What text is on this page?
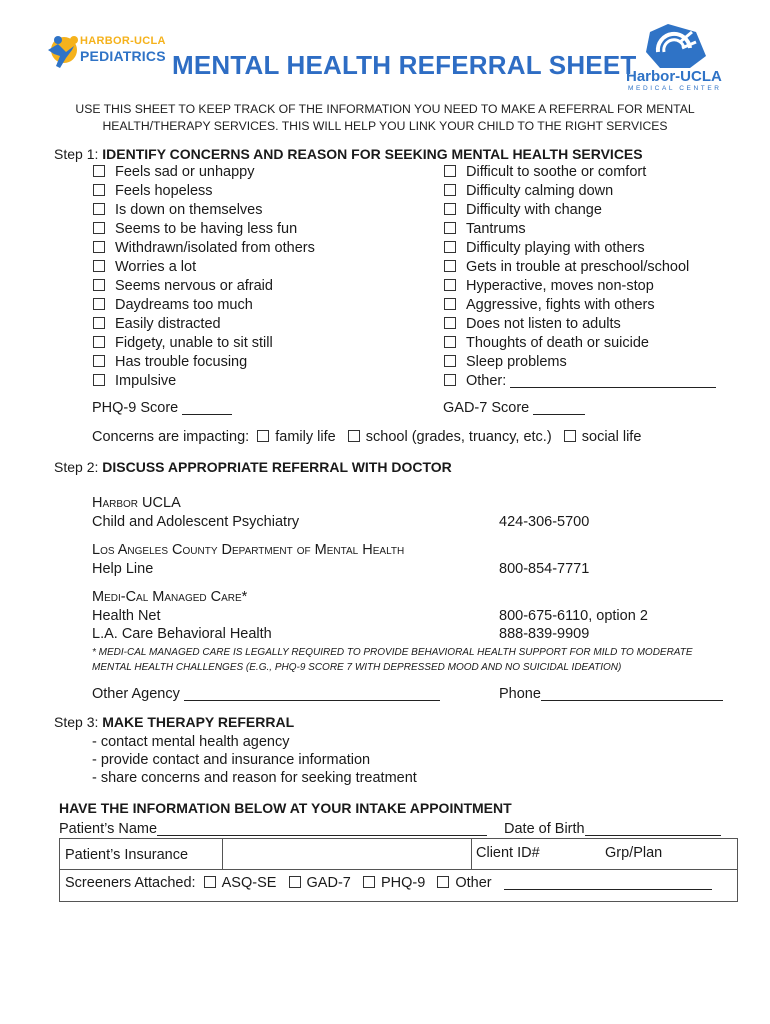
HARBOR-UCLA
PEDIATRICS MENTAL HEALTH REFERRAL SHEET
Harbor-UCLA
MEDICAL CENTER
USE THIS SHEET TO KEEP TRACK OF THE INFORMATION YOU NEED TO MAKE A REFERRAL FOR MENTAL
HEALTH/THERAPY SERVICES. THIS WILL HELP YOU LINK YOUR CHILD TO THE RIGHT SERVICES
Step 1: IDENTIFY CONCERNS AND REASON FOR SEEKING MENTAL HEALTH SERVICES
Feels sad or unhappy
Feels hopeless
Is down on themselves
Seems to be having less fun
Withdrawn/isolated from others
Worries a lot
Seems nervous or afraid
Daydreams too much
Easily distracted
Fidgety, unable to sit still
Has trouble focusing
Impulsive
Difficult to soothe or comfort
Difficulty calming down
Difficulty with change
Tantrums
Difficulty playing with others
Gets in trouble at preschool/school
Hyperactive, moves non-stop
Aggressive, fights with others
Does not listen to adults
Thoughts of death or suicide
Sleep problems
Other:
PHQ-9 Score	GAD-7 Score
Concerns are impacting: family life school (grades, truancy, etc.) social life
Step 2: DISCUSS APPROPRIATE REFERRAL WITH DOCTOR
Harbor UCLA
Child and Adolescent Psychiatry	424-306-5700
Los Angeles County Department of Mental Health
Help Line	800-854-7771
Medi-Cal Managed Care*
Health Net	800-675-6110, option 2
L.A. Care Behavioral Health	888-839-9909
* MEDI-CAL MANAGED CARE IS LEGALLY REQUIRED TO PROVIDE BEHAVIORAL HEALTH SUPPORT FOR MILD TO MODERATE
MENTAL HEALTH CHALLENGES (E.G., PHQ-9 SCORE 7 WITH DEPRESSED MOOD AND NO SUICIDAL IDEATION)
Other Agency	Phone
Step 3: MAKE THERAPY REFERRAL
- contact mental health agency
- provide contact and insurance information
- share concerns and reason for seeking treatment
HAVE THE INFORMATION BELOW AT YOUR INTAKE APPOINTMENT
Patient’s Name	Date of Birth
Patient’s Insurance	Client ID#	Grp/Plan
Screeners Attached: ASQ-SE GAD-7 PHQ-9 Other
